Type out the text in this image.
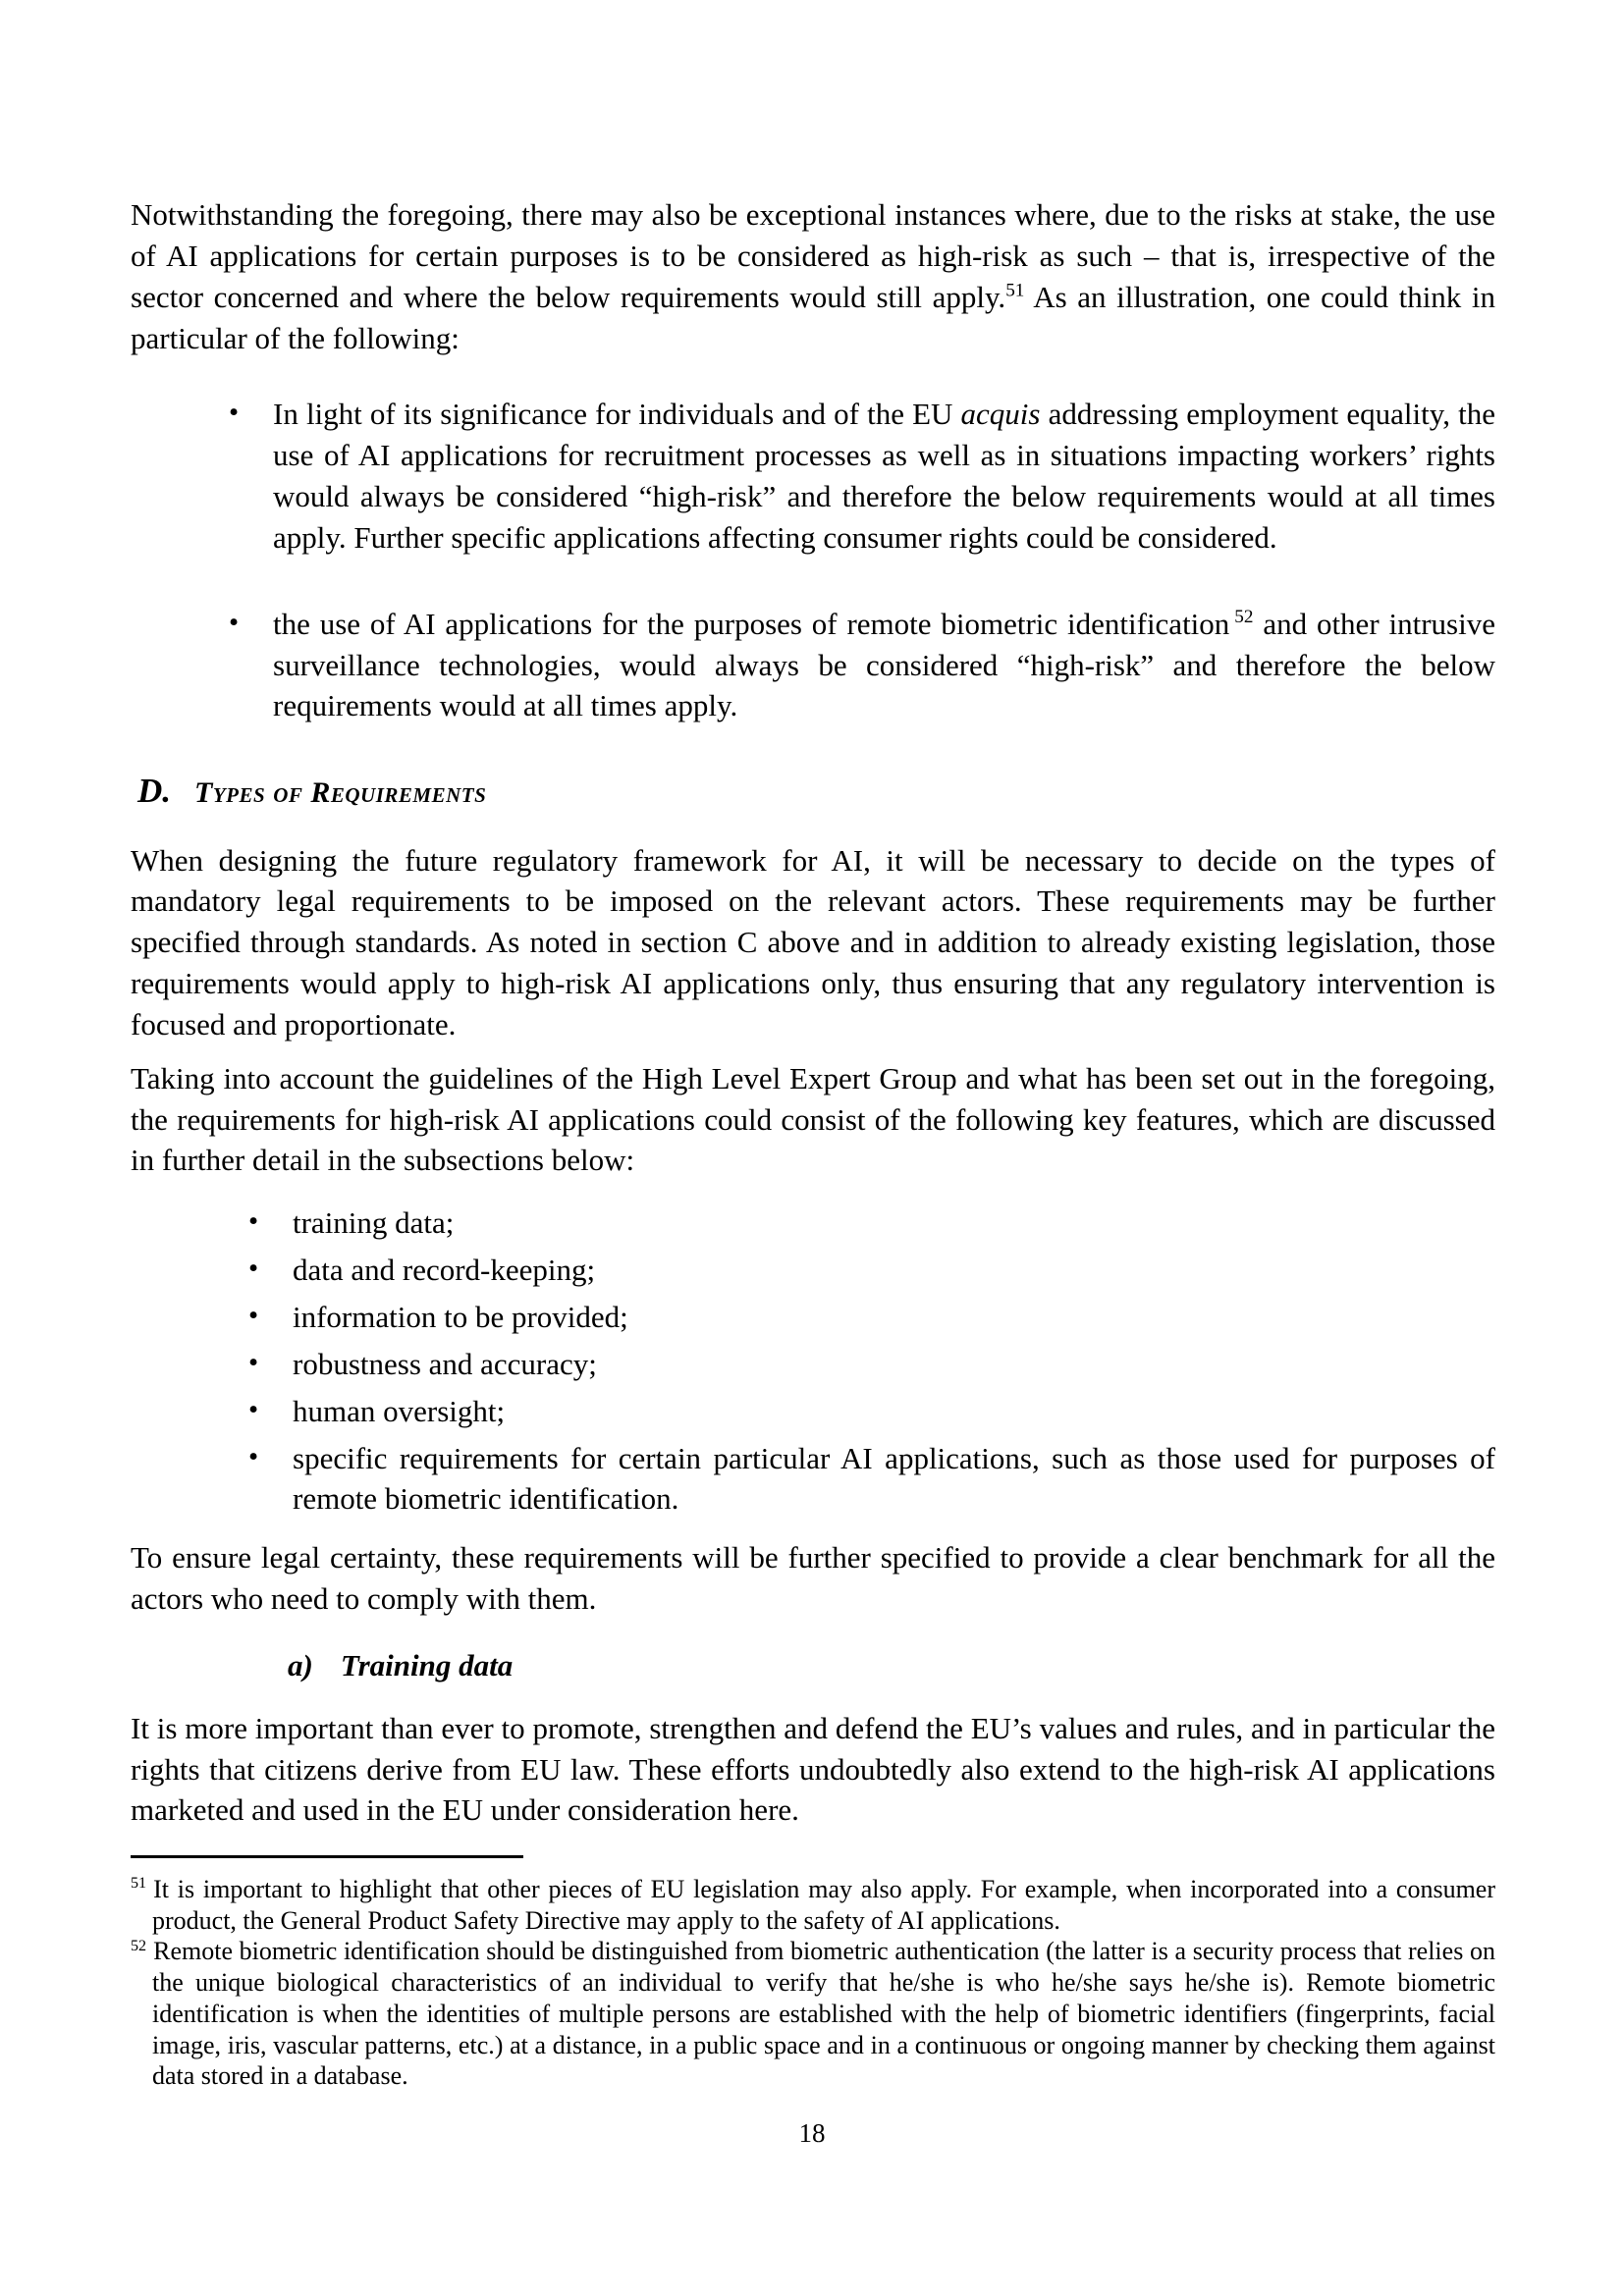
Notwithstanding the foregoing, there may also be exceptional instances where, due to the risks at stake, the use of AI applications for certain purposes is to be considered as high-risk as such – that is, irrespective of the sector concerned and where the below requirements would still apply.$^{51}$ As an illustration, one could think in particular of the following:

•	In light of its significance for individuals and of the EU acquis addressing employment equality, the use of AI applications for recruitment processes as well as in situations impacting workers’ rights would always be considered “high-risk” and therefore the below requirements would at all times apply. Further specific applications affecting consumer rights could be considered.
•	the use of AI applications for the purposes of remote biometric identification $^{52}$ and other intrusive surveillance technologies, would always be considered “high-risk” and therefore the below requirements would at all times apply.
D. Types of Requirements

When designing the future regulatory framework for AI, it will be necessary to decide on the types of mandatory legal requirements to be imposed on the relevant actors. These requirements may be further specified through standards. As noted in section C above and in addition to already existing legislation, those requirements would apply to high-risk AI applications only, thus ensuring that any regulatory intervention is focused and proportionate.

Taking into account the guidelines of the High Level Expert Group and what has been set out in the foregoing, the requirements for high-risk AI applications could consist of the following key features, which are discussed in further detail in the subsections below:

•	training data;
•	data and record-keeping;
•	information to be provided;
•	robustness and accuracy;
•	human oversight;
•	specific requirements for certain particular AI applications, such as those used for purposes of remote biometric identification.

To ensure legal certainty, these requirements will be further specified to provide a clear benchmark for all the actors who need to comply with them.

a) Training data

It is more important than ever to promote, strengthen and defend the EU’s values and rules, and in particular the rights that citizens derive from EU law. These efforts undoubtedly also extend to the high-risk AI applications marketed and used in the EU under consideration here.

$^{51}$ It is important to highlight that other pieces of EU legislation may also apply. For example, when incorporated into a consumer product, the General Product Safety Directive may apply to the safety of AI applications.
$^{52}$ Remote biometric identification should be distinguished from biometric authentication (the latter is a security process that relies on the unique biological characteristics of an individual to verify that he/she is who he/she says he/she is). Remote biometric identification is when the identities of multiple persons are established with the help of biometric identifiers (fingerprints, facial image, iris, vascular patterns, etc.) at a distance, in a public space and in a continuous or ongoing manner by checking them against data stored in a database.
18
